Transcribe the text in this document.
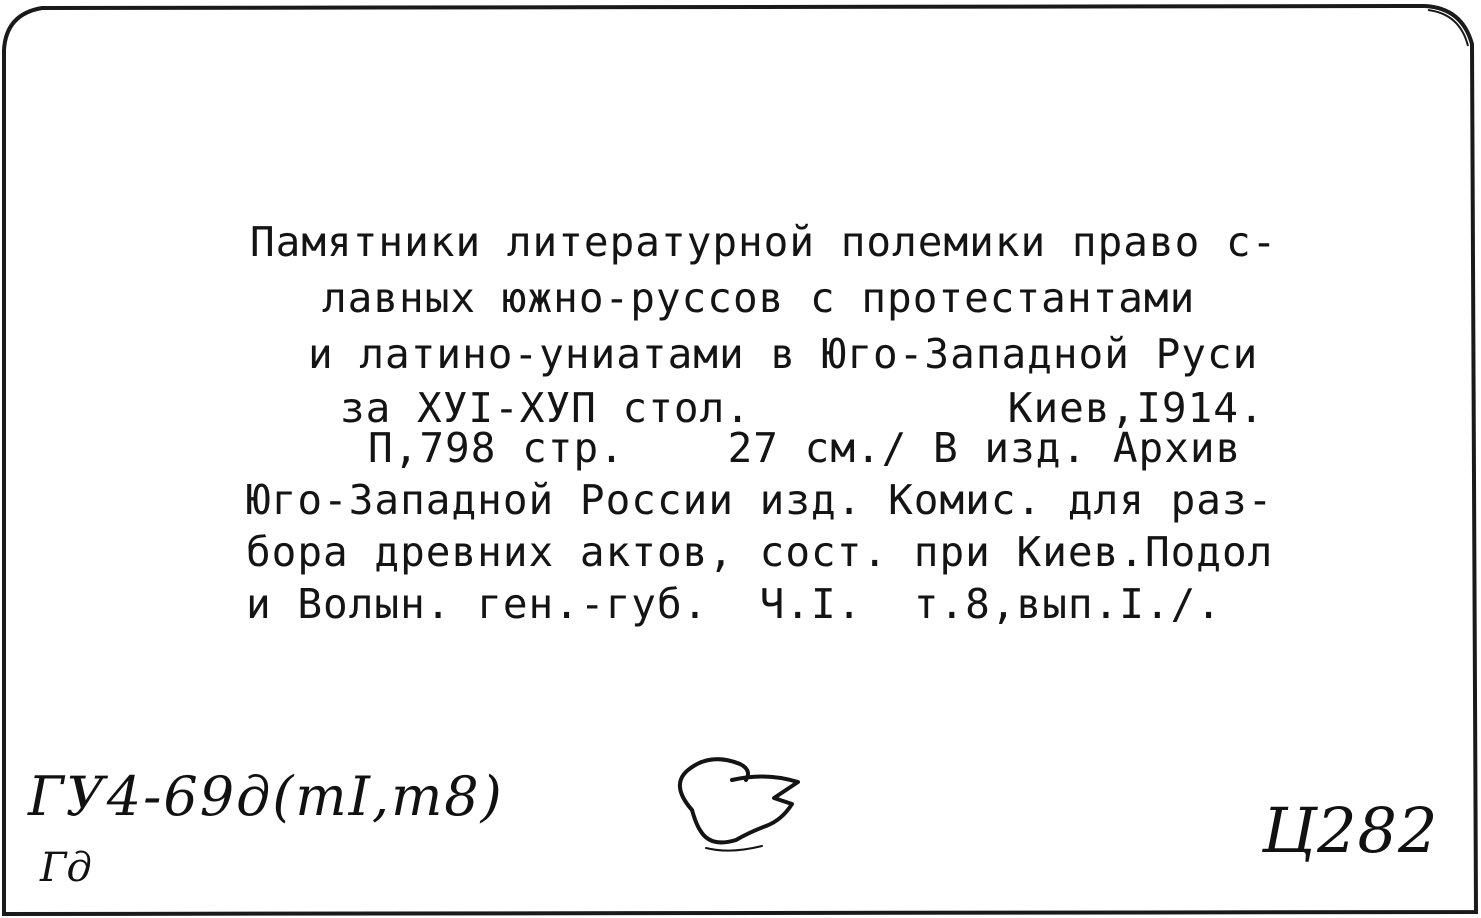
Памятники литературной полемики право с-
лавных южно-руссов с протестантами
и латино-униатами в Юго-Западной Руси
за ХУI-ХУП стол.          Киев,I914.
П,798 стр.    27 см./ В изд. Архив
Юго-Западной России изд. Комис. для раз-
бора древних актов, сост. при Киев.Подол
и Волын. ген.-губ.  Ч.I.  т.8,вып.I./.
ГУ4-69д(тI,т8)
Гд
Ц282
